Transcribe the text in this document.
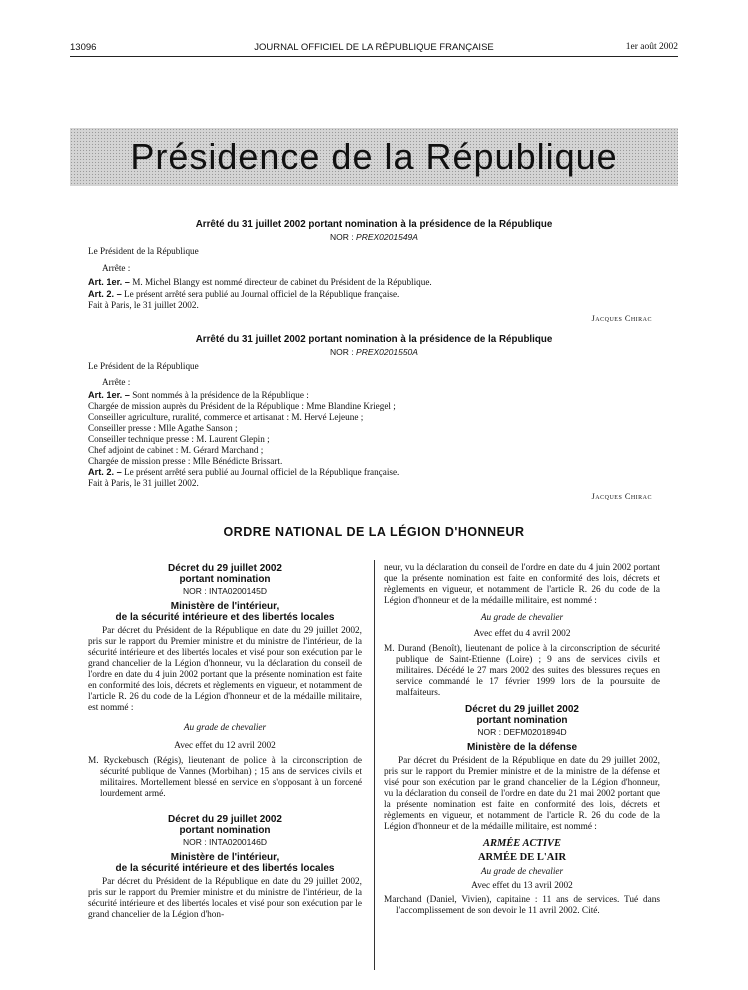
13096	JOURNAL OFFICIEL DE LA RÉPUBLIQUE FRANÇAISE	1er août 2002
Présidence de la République
Arrêté du 31 juillet 2002 portant nomination à la présidence de la République
NOR : PREX0201549A
Le Président de la République
Arrête :
Art. 1er. – M. Michel Blangy est nommé directeur de cabinet du Président de la République.
Art. 2. – Le présent arrêté sera publié au Journal officiel de la République française.
Fait à Paris, le 31 juillet 2002.
Jacques Chirac
Arrêté du 31 juillet 2002 portant nomination à la présidence de la République
NOR : PREX0201550A
Le Président de la République
Arrête :
Art. 1er. – Sont nommés à la présidence de la République :
Chargée de mission auprès du Président de la République : Mme Blandine Kriegel ;
Conseiller agriculture, ruralité, commerce et artisanat : M. Hervé Lejeune ;
Conseiller presse : Mlle Agathe Sanson ;
Conseiller technique presse : M. Laurent Glepin ;
Chef adjoint de cabinet : M. Gérard Marchand ;
Chargée de mission presse : Mlle Bénédicte Brissart.
Art. 2. – Le présent arrêté sera publié au Journal officiel de la République française.
Fait à Paris, le 31 juillet 2002.
Jacques Chirac
ORDRE NATIONAL DE LA LÉGION D'HONNEUR
Décret du 29 juillet 2002
portant nomination
NOR : INTA0200145D
Ministère de l'intérieur,
de la sécurité intérieure et des libertés locales

Par décret du Président de la République en date du 29 juillet 2002, pris sur le rapport du Premier ministre et du ministre de l'intérieur, de la sécurité intérieure et des libertés locales et visé pour son exécution par le grand chancelier de la Légion d'honneur, vu la déclaration du conseil de l'ordre en date du 4 juin 2002 portant que la présente nomination est faite en conformité des lois, décrets et règlements en vigueur, et notamment de l'article R. 26 du code de la Légion d'honneur et de la médaille militaire, est nommé :

Au grade de chevalier

Avec effet du 12 avril 2002

M. Ryckebusch (Régis), lieutenant de police à la circonscription de sécurité publique de Vannes (Morbihan) ; 15 ans de services civils et militaires. Mortellement blessé en service en s'opposant à un forcené lourdement armé.

Décret du 29 juillet 2002
portant nomination
NOR : INTA0200146D
Ministère de l'intérieur,
de la sécurité intérieure et des libertés locales

Par décret du Président de la République en date du 29 juillet 2002, pris sur le rapport du Premier ministre et du ministre de l'intérieur, de la sécurité intérieure et des libertés locales et visé pour son exécution par le grand chancelier de la Légion d'hon-

neur, vu la déclaration du conseil de l'ordre en date du 4 juin 2002 portant que la présente nomination est faite en conformité des lois, décrets et règlements en vigueur, et notamment de l'article R. 26 du code de la Légion d'honneur et de la médaille militaire, est nommé :

Au grade de chevalier

Avec effet du 4 avril 2002

M. Durand (Benoît), lieutenant de police à la circonscription de sécurité publique de Saint-Etienne (Loire) ; 9 ans de services civils et militaires. Décédé le 27 mars 2002 des suites des blessures reçues en service commandé le 17 février 1999 lors de la poursuite de malfaiteurs.

Décret du 29 juillet 2002
portant nomination
NOR : DEFM0201894D
Ministère de la défense

Par décret du Président de la République en date du 29 juillet 2002, pris sur le rapport du Premier ministre et de la ministre de la défense et visé pour son exécution par le grand chancelier de la Légion d'honneur, vu la déclaration du conseil de l'ordre en date du 21 mai 2002 portant que la présente nomination est faite en conformité des lois, décrets et règlements en vigueur, et notamment de l'article R. 26 du code de la Légion d'honneur et de la médaille militaire, est nommé :

ARMÉE ACTIVE

ARMÉE DE L'AIR

Au grade de chevalier

Avec effet du 13 avril 2002

Marchand (Daniel, Vivien), capitaine : 11 ans de services. Tué dans l'accomplissement de son devoir le 11 avril 2002. Cité.
